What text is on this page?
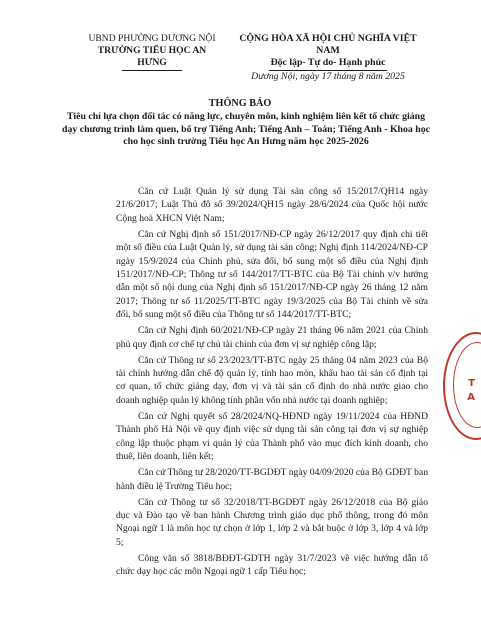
UBND PHƯỜNG DƯƠNG NỘI
TRƯỜNG TIỂU HỌC AN HƯNG
CỘNG HÒA XÃ HỘI CHỦ NGHĨA VIỆT NAM
Độc lập- Tự do- Hạnh phúc
Dương Nội, ngày 17 tháng 8 năm 2025
THÔNG BÁO
Tiêu chí lựa chọn đối tác có năng lực, chuyên môn, kinh nghiệm liên kết tổ chức giảng dạy chương trình làm quen, bổ trợ Tiếng Anh; Tiếng Anh – Toán; Tiếng Anh - Khoa học cho học sinh trường Tiểu học An Hưng năm học 2025-2026

Căn cứ Luật Quản lý sử dụng Tài sản công số 15/2017/QH14 ngày 21/6/2017; Luật Thủ đô số 39/2024/QH15 ngày 28/6/2024 của Quốc hội nước Cộng hoà XHCN Việt Nam;

Căn cứ Nghị định số 151/2017/NĐ-CP ngày 26/12/2017 quy định chi tiết một số điều của Luật Quản lý, sử dụng tài sản công; Nghị định 114/2024/NĐ-CP ngày 15/9/2024 của Chính phủ, sửa đổi, bổ sung một số điều của Nghị định 151/2017/NĐ-CP; Thông tư số 144/2017/TT-BTC của Bộ Tài chính v/v hướng dẫn một số nội dung của Nghị định số 151/2017/NĐ-CP ngày 26 tháng 12 năm 2017; Thông tư số 11/2025/TT-BTC ngày 19/3/2025 của Bộ Tài chính về sửa đổi, bổ sung một số điều của Thông tư số 144/2017/TT-BTC;

Căn cứ Nghị định 60/2021/NĐ-CP ngày 21 tháng 06 năm 2021 của Chính phủ quy định cơ chế tự chủ tài chính của đơn vị sự nghiệp công lập;

Căn cứ Thông tư số 23/2023/TT-BTC ngày 25 tháng 04 năm 2023 của Bộ tài chính hướng dẫn chế độ quản lý, tính hao mòn, khấu hao tài sản cố định tại cơ quan, tổ chức giảng dạy, đơn vị và tài sản cố định do nhà nước giao cho doanh nghiệp quản lý không tính phần vốn nhà nước tại doanh nghiệp;

Căn cứ Nghị quyết số 28/2024/NQ-HĐND ngày 19/11/2024 của HĐND Thành phố Hà Nội về quy định việc sử dụng tài sản công tại đơn vị sự nghiệp công lập thuộc phạm vi quản lý của Thành phố vào mục đích kinh doanh, cho thuê, liên doanh, liên kết;

Căn cứ Thông tư 28/2020/TT-BGDĐT ngày 04/09/2020 của Bộ GDĐT ban hành điều lệ Trường Tiểu học;

Căn cứ Thông tư số 32/2018/TT-BGDĐT ngày 26/12/2018 của Bộ giáo dục và Đào tạo về ban hành Chương trình giáo dục phổ thông, trong đó môn Ngoại ngữ 1 là môn học tự chọn ở lớp 1, lớp 2 và bắt buộc ở lớp 3, lớp 4 và lớp 5;

Công văn số 3818/BĐĐT-GDTH ngày 31/7/2023 về việc hướng dẫn tổ chức dạy học các môn Ngoại ngữ 1 cấp Tiểu học;

T
A
